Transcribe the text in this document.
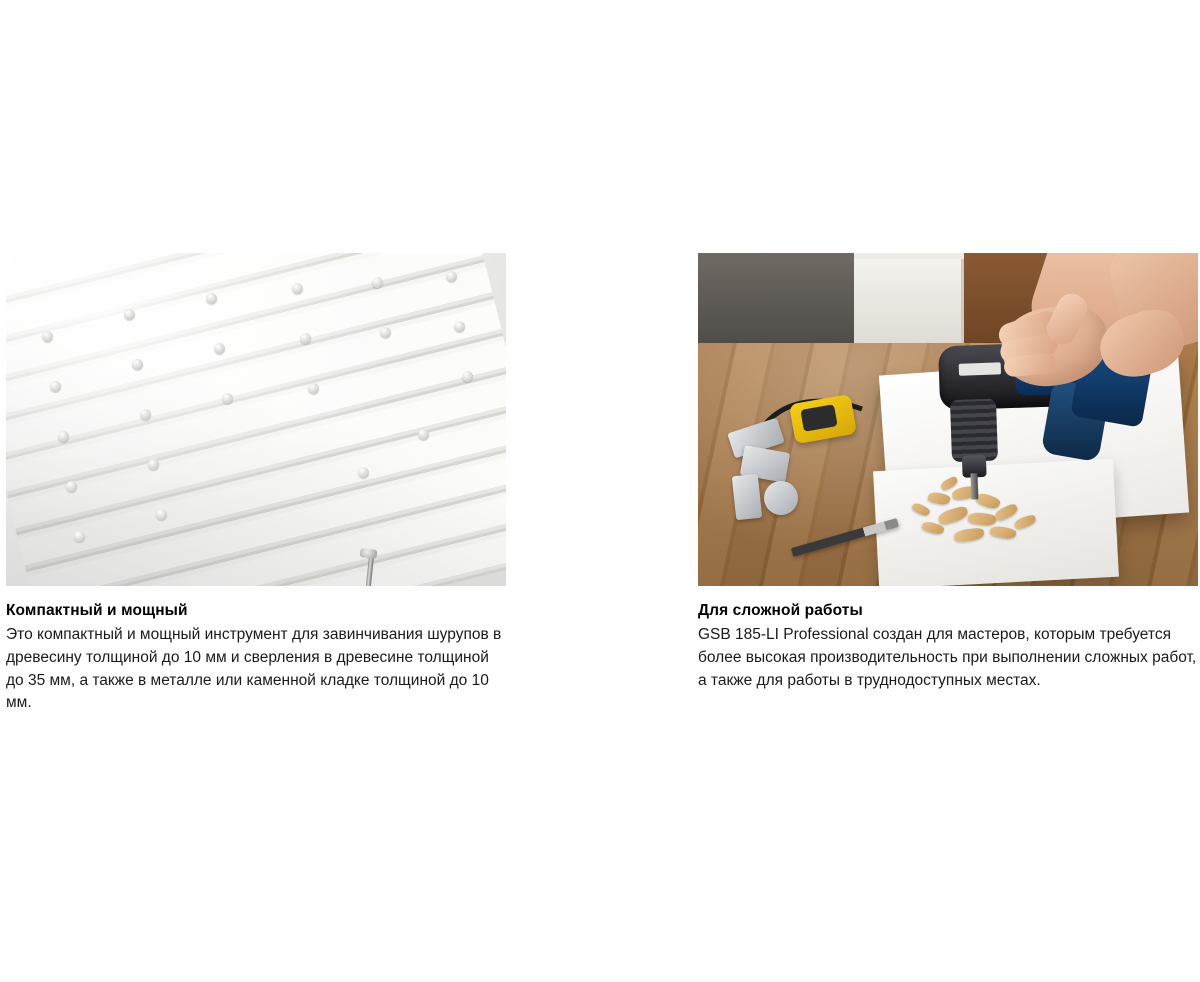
Компактный и мощный
Это компактный и мощный инструмент для завинчивания шурупов в древесину толщиной до 10 мм и сверления в древесине толщиной до 35 мм, а также в металле или каменной кладке толщиной до 10 мм.
Для сложной работы
GSB 185-LI Professional создан для мастеров, которым требуется более высокая производительность при выполнении сложных работ, а также для работы в труднодоступных местах.
